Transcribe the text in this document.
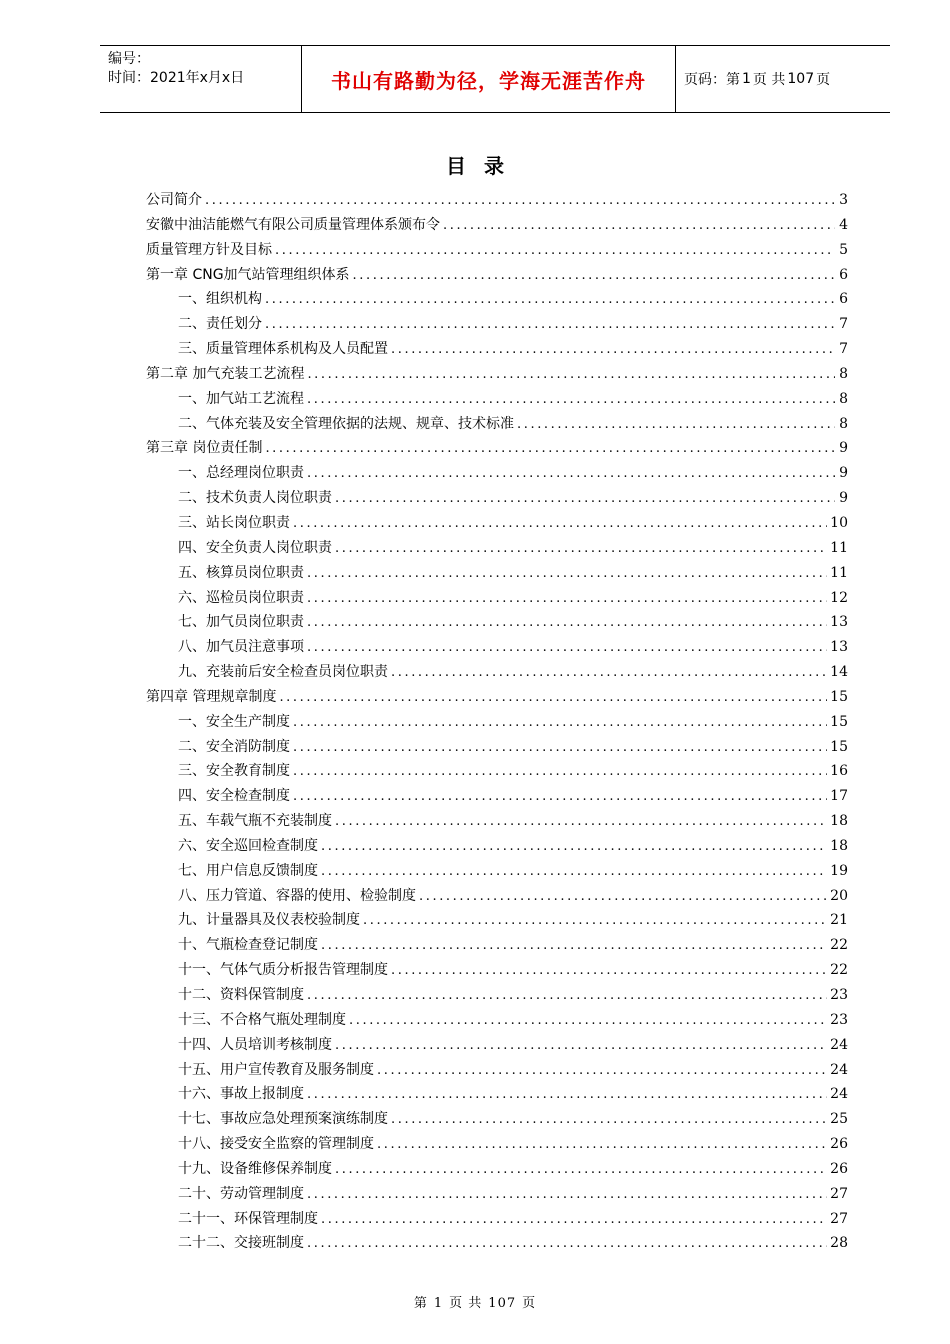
编号：
时间：2021年x月x日	书山有路勤为径，学海无涯苦作舟	页码：第 1 页 共 107 页
目录
公司简介 .....	3
安徽中油洁能燃气有限公司质量管理体系颁布令 .....	4
质量管理方针及目标 .....	5
第一章 CNG加气站管理组织体系 .....	6
一、组织机构 .....	6
二、责任划分 .....	7
三、质量管理体系机构及人员配置 .....	7
第二章 加气充装工艺流程 .....	8
一、加气站工艺流程 .....	8
二、气体充装及安全管理依据的法规、规章、技术标准 .....	8
第三章 岗位责任制 .....	9
一、总经理岗位职责 .....	9
二、技术负责人岗位职责 .....	9
三、站长岗位职责 .....	10
四、安全负责人岗位职责 .....	11
五、核算员岗位职责 .....	11
六、巡检员岗位职责 .....	12
七、加气员岗位职责 .....	13
八、加气员注意事项 .....	13
九、充装前后安全检查员岗位职责 .....	14
第四章 管理规章制度 .....	15
一、安全生产制度 .....	15
二、安全消防制度 .....	15
三、安全教育制度 .....	16
四、安全检查制度 .....	17
五、车载气瓶不充装制度 .....	18
六、安全巡回检查制度 .....	18
七、用户信息反馈制度 .....	19
八、压力管道、容器的使用、检验制度 .....	20
九、计量器具及仪表校验制度 .....	21
十、气瓶检查登记制度 .....	22
十一、气体气质分析报告管理制度 .....	22
十二、资料保管制度 .....	23
十三、不合格气瓶处理制度 .....	23
十四、人员培训考核制度 .....	24
十五、用户宣传教育及服务制度 .....	24
十六、事故上报制度 .....	24
十七、事故应急处理预案演练制度 .....	25
十八、接受安全监察的管理制度 .....	26
十九、设备维修保养制度 .....	26
二十、劳动管理制度 .....	27
二十一、环保管理制度 .....	27
二十二、交接班制度 .....	28
第 1 页 共 107 页
